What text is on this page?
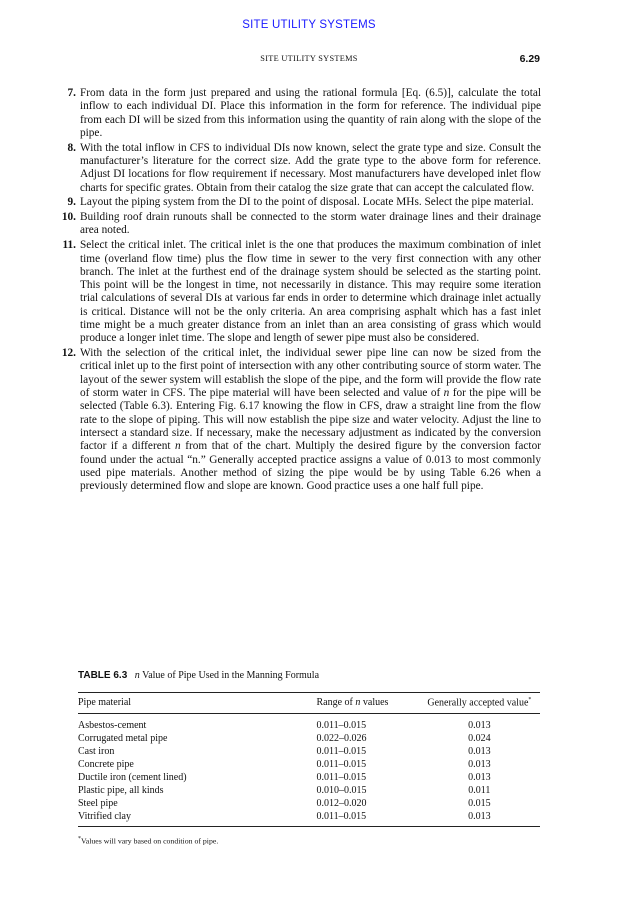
SITE UTILITY SYSTEMS
SITE UTILITY SYSTEMS	6.29
7. From data in the form just prepared and using the rational formula [Eq. (6.5)], calculate the total inflow to each individual DI. Place this information in the form for reference. The individual pipe from each DI will be sized from this information using the quantity of rain along with the slope of the pipe.
8. With the total inflow in CFS to individual DIs now known, select the grate type and size. Consult the manufacturer’s literature for the correct size. Add the grate type to the above form for reference. Adjust DI locations for flow requirement if necessary. Most manufacturers have developed inlet flow charts for specific grates. Obtain from their catalog the size grate that can accept the calculated flow.
9. Layout the piping system from the DI to the point of disposal. Locate MHs. Select the pipe material.
10. Building roof drain runouts shall be connected to the storm water drainage lines and their drainage area noted.
11. Select the critical inlet. The critical inlet is the one that produces the maximum combination of inlet time (overland flow time) plus the flow time in sewer to the very first connection with any other branch. The inlet at the furthest end of the drainage system should be selected as the starting point. This point will be the longest in time, not necessarily in distance. This may require some iteration trial calculations of several DIs at various far ends in order to determine which drainage inlet actually is critical. Distance will not be the only criteria. An area comprising asphalt which has a fast inlet time might be a much greater distance from an inlet than an area consisting of grass which would produce a longer inlet time. The slope and length of sewer pipe must also be considered.
12. With the selection of the critical inlet, the individual sewer pipe line can now be sized from the critical inlet up to the first point of intersection with any other contributing source of storm water. The layout of the sewer system will establish the slope of the pipe, and the form will provide the flow rate of storm water in CFS. The pipe material will have been selected and value of n for the pipe will be selected (Table 6.3). Entering Fig. 6.17 knowing the flow in CFS, draw a straight line from the flow rate to the slope of piping. This will now establish the pipe size and water velocity. Adjust the line to intersect a standard size. If necessary, make the necessary adjustment as indicated by the conversion factor if a different n from that of the chart. Multiply the desired figure by the conversion factor found under the actual “n.” Generally accepted practice assigns a value of 0.013 to most commonly used pipe materials. Another method of sizing the pipe would be by using Table 6.26 when a previously determined flow and slope are known. Good practice uses a one half full pipe.
TABLE 6.3 n Value of Pipe Used in the Manning Formula
Pipe material	Range of n values	Generally accepted value*
Asbestos-cement	0.011–0.015	0.013
Corrugated metal pipe	0.022–0.026	0.024
Cast iron	0.011–0.015	0.013
Concrete pipe	0.011–0.015	0.013
Ductile iron (cement lined)	0.011–0.015	0.013
Plastic pipe, all kinds	0.010–0.015	0.011
Steel pipe	0.012–0.020	0.015
Vitrified clay	0.011–0.015	0.013
*Values will vary based on condition of pipe.
